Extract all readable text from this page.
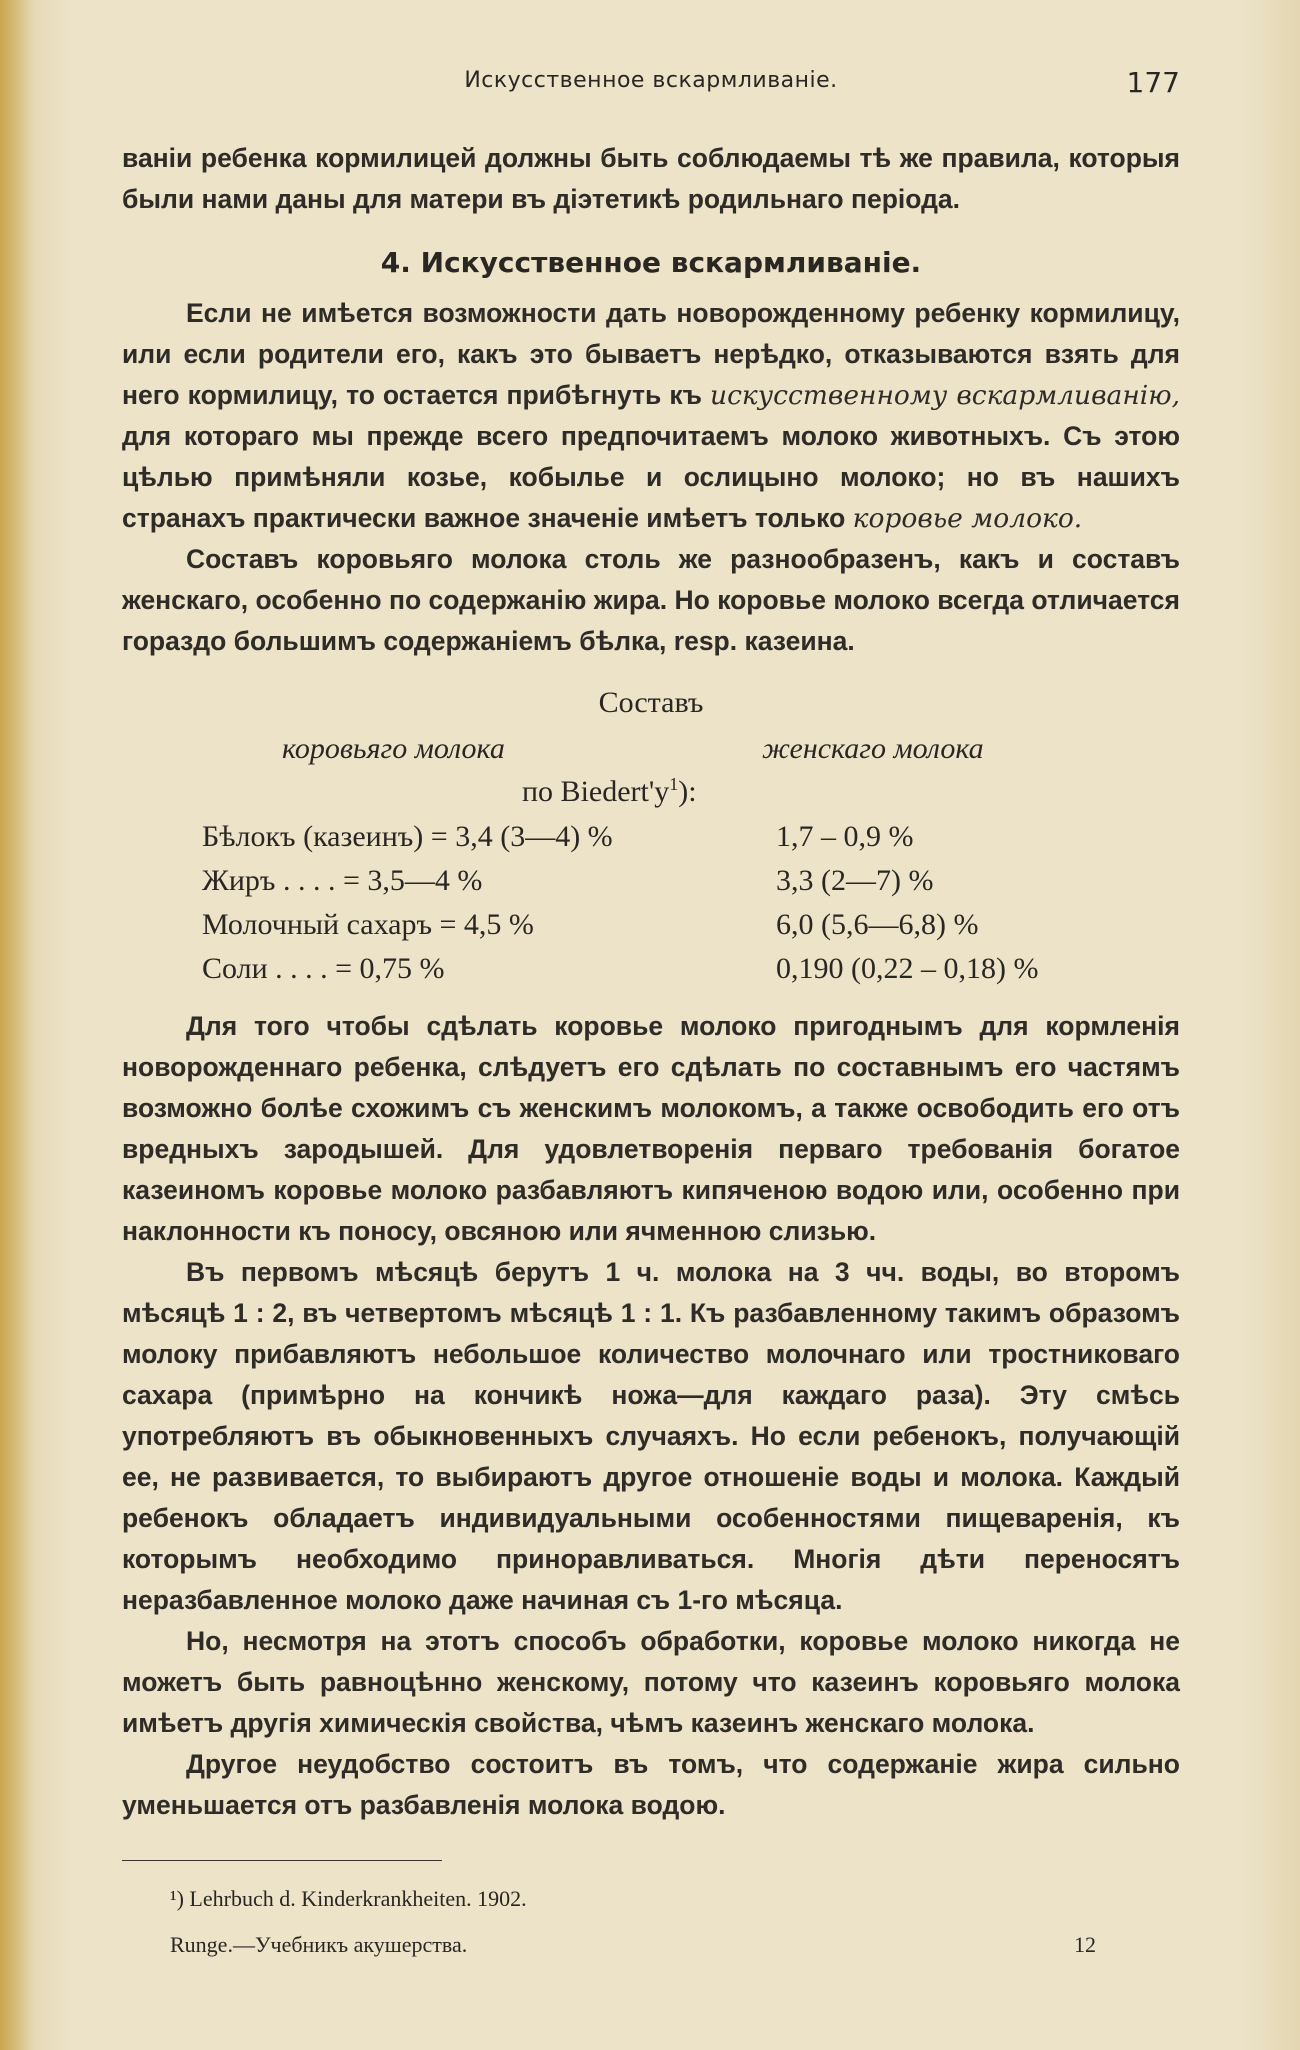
Искусственное вскармливаніе.	177

ваніи ребенка кормилицей должны быть соблюдаемы тѣ же правила, которыя были нами даны для матери въ діэтетикѣ родильнаго періода.

4. Искусственное вскармливаніе.

Если не имѣется возможности дать новорожденному ребенку кормилицу, или если родители его, какъ это бываетъ нерѣдко, отказываются взять для него кормилицу, то остается прибѣгнуть къ искусственному вскармливанію, для котораго мы прежде всего предпочитаемъ молоко животныхъ. Съ этою цѣлью примѣняли козье, кобылье и ослицыно молоко; но въ нашихъ странахъ практически важное значеніе имѣетъ только коровье молоко.

Составъ коровьяго молока столь же разнообразенъ, какъ и составъ женскаго, особенно по содержанію жира. Но коровье молоко всегда отличается гораздо большимъ содержаніемъ бѣлка, resp. казеина.

Составъ
коровьяго молока	женскаго молока
по $Biedert'у^1$):
Бѣлокъ (казеинъ) = 3,4 (3—4) %	1,7 – 0,9 %
Жиръ . . . . = 3,5—4 %	3,3 (2—7) %
Молочный сахаръ = 4,5 %	6,0 (5,6—6,8) %
Соли . . . . = 0,75 %	0,190 (0,22 – 0,18) %

Для того чтобы сдѣлать коровье молоко пригоднымъ для кормленія новорожденнаго ребенка, слѣдуетъ его сдѣлать по составнымъ его частямъ возможно болѣе схожимъ съ женскимъ молокомъ, а также освободить его отъ вредныхъ зародышей. Для удовлетворенія перваго требованія богатое казеиномъ коровье молоко разбавляютъ кипяченою водою или, особенно при наклонности къ поносу, овсяною или ячменною слизью.

Въ первомъ мѣсяцѣ берутъ 1 ч. молока на 3 чч. воды, во второмъ мѣсяцѣ 1 : 2, въ четвертомъ мѣсяцѣ 1 : 1. Къ разбавленному такимъ образомъ молоку прибавляютъ небольшое количество молочнаго или тростниковаго сахара (примѣрно на кончикѣ ножа—для каждаго раза). Эту смѣсь употребляютъ въ обыкновенныхъ случаяхъ. Но если ребенокъ, получающій ее, не развивается, то выбираютъ другое отношеніе воды и молока. Каждый ребенокъ обладаетъ индивидуальными особенностями пищеваренія, къ которымъ необходимо приноравливаться. Многія дѣти переносятъ неразбавленное молоко даже начиная съ 1-го мѣсяца.

Но, несмотря на этотъ способъ обработки, коровье молоко никогда не можетъ быть равноцѣнно женскому, потому что казеинъ коровьяго молока имѣетъ другія химическія свойства, чѣмъ казеинъ женскаго молока.

Другое неудобство состоитъ въ томъ, что содержаніе жира сильно уменьшается отъ разбавленія молока водою.

¹) Lehrbuch d. Kinderkrankheiten. 1902.
Runge.—Учебникъ акушерства.	12
